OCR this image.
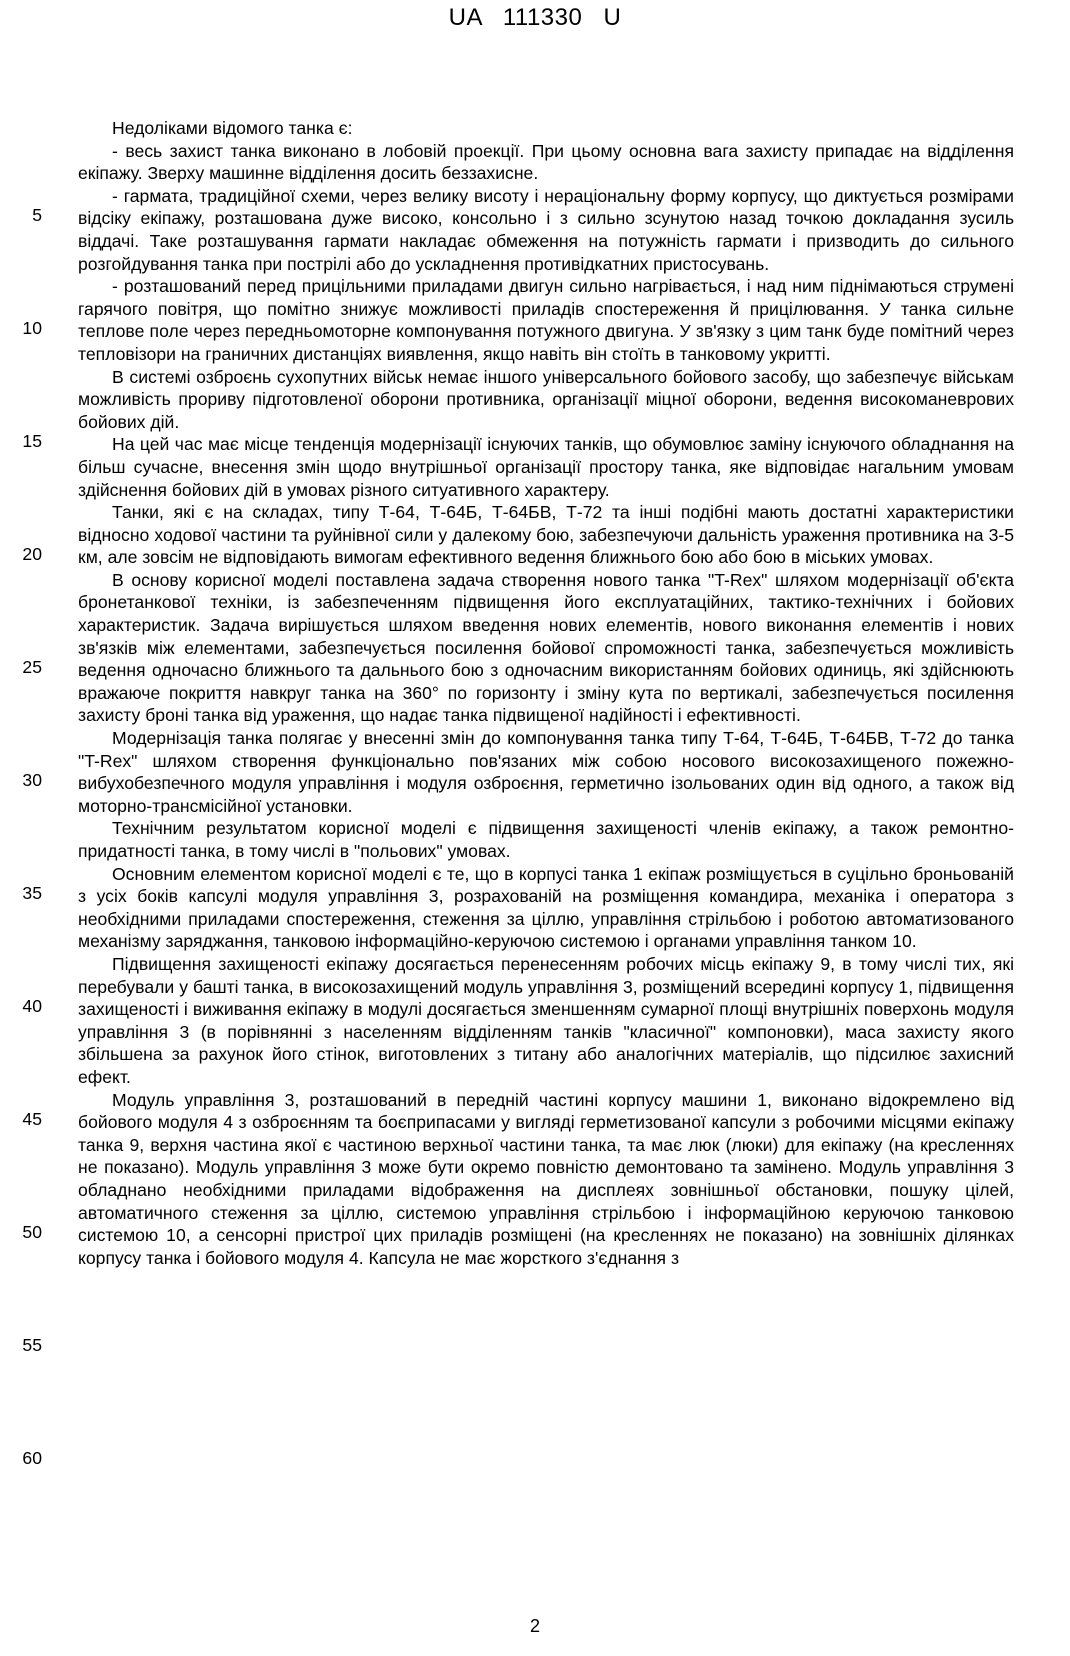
UA 111330 U
5
10
15
20
25
30
35
40
45
50
55
60

Недоліками відомого танка є:

- весь захист танка виконано в лобовій проекції. При цьому основна вага захисту припадає на відділення екіпажу. Зверху машинне відділення досить беззахисне.

- гармата, традиційної схеми, через велику висоту і нераціональну форму корпусу, що диктується розмірами відсіку екіпажу, розташована дуже високо, консольно і з сильно зсунутою назад точкою докладання зусиль віддачі. Таке розташування гармати накладає обмеження на потужність гармати і призводить до сильного розгойдування танка при пострілі або до ускладнення противідкатних пристосувань.

- розташований перед прицільними приладами двигун сильно нагрівається, і над ним піднімаються струмені гарячого повітря, що помітно знижує можливості приладів спостереження й прицілювання. У танка сильне теплове поле через передньомоторне компонування потужного двигуна. У зв'язку з цим танк буде помітний через тепловізори на граничних дистанціях виявлення, якщо навіть він стоїть в танковому укритті.

В системі озброєнь сухопутних військ немає іншого універсального бойового засобу, що забезпечує військам можливість прориву підготовленої оборони противника, організації міцної оборони, ведення високоманеврових бойових дій.

На цей час має місце тенденція модернізації існуючих танків, що обумовлює заміну існуючого обладнання на більш сучасне, внесення змін щодо внутрішньої організації простору танка, яке відповідає нагальним умовам здійснення бойових дій в умовах різного ситуативного характеру.

Танки, які є на складах, типу Т-64, Т-64Б, Т-64БВ, Т-72 та інші подібні мають достатні характеристики відносно ходової частини та руйнівної сили у далекому бою, забезпечуючи дальність ураження противника на 3-5 км, але зовсім не відповідають вимогам ефективного ведення ближнього бою або бою в міських умовах.

В основу корисної моделі поставлена задача створення нового танка "T-Rex" шляхом модернізації об'єкта бронетанкової техніки, із забезпеченням підвищення його експлуатаційних, тактико-технічних і бойових характеристик. Задача вирішується шляхом введення нових елементів, нового виконання елементів і нових зв'язків між елементами, забезпечується посилення бойової спроможності танка, забезпечується можливість ведення одночасно ближнього та дальнього бою з одночасним використанням бойових одиниць, які здійснюють вражаюче покриття навкруг танка на 360° по горизонту і зміну кута по вертикалі, забезпечується посилення захисту броні танка від ураження, що надає танка підвищеної надійності і ефективності.

Модернізація танка полягає у внесенні змін до компонування танка типу Т-64, Т-64Б, Т-64БВ, Т-72 до танка "T-Rex" шляхом створення функціонально пов'язаних між собою носового високозахищеного пожежно-вибухобезпечного модуля управління і модуля озброєння, герметично ізольованих один від одного, а також від моторно-трансмісійної установки.

Технічним результатом корисної моделі є підвищення захищеності членів екіпажу, а також ремонтно-придатності танка, в тому числі в "польових" умовах.

Основним елементом корисної моделі є те, що в корпусі танка 1 екіпаж розміщується в суцільно броньованій з усіх боків капсулі модуля управління 3, розрахованій на розміщення командира, механіка і оператора з необхідними приладами спостереження, стеження за ціллю, управління стрільбою і роботою автоматизованого механізму заряджання, танковою інформаційно-керуючою системою і органами управління танком 10.

Підвищення захищеності екіпажу досягається перенесенням робочих місць екіпажу 9, в тому числі тих, які перебували у башті танка, в високозахищений модуль управління 3, розміщений всередині корпусу 1, підвищення захищеності і виживання екіпажу в модулі досягається зменшенням сумарної площі внутрішніх поверхонь модуля управління 3 (в порівнянні з населенням відділенням танків "класичної" компоновки), маса захисту якого збільшена за рахунок його стінок, виготовлених з титану або аналогічних матеріалів, що підсилює захисний ефект.

Модуль управління 3, розташований в передній частині корпусу машини 1, виконано відокремлено від бойового модуля 4 з озброєнням та боєприпасами у вигляді герметизованої капсули з робочими місцями екіпажу танка 9, верхня частина якої є частиною верхньої частини танка, та має люк (люки) для екіпажу (на кресленнях не показано). Модуль управління 3 може бути окремо повністю демонтовано та замінено. Модуль управління 3 обладнано необхідними приладами відображення на дисплеях зовнішньої обстановки, пошуку цілей, автоматичного стеження за ціллю, системою управління стрільбою і інформаційною керуючою танковою системою 10, а сенсорні пристрої цих приладів розміщені (на кресленнях не показано) на зовнішніх ділянках корпусу танка і бойового модуля 4. Капсула не має жорсткого з'єднання з

2
